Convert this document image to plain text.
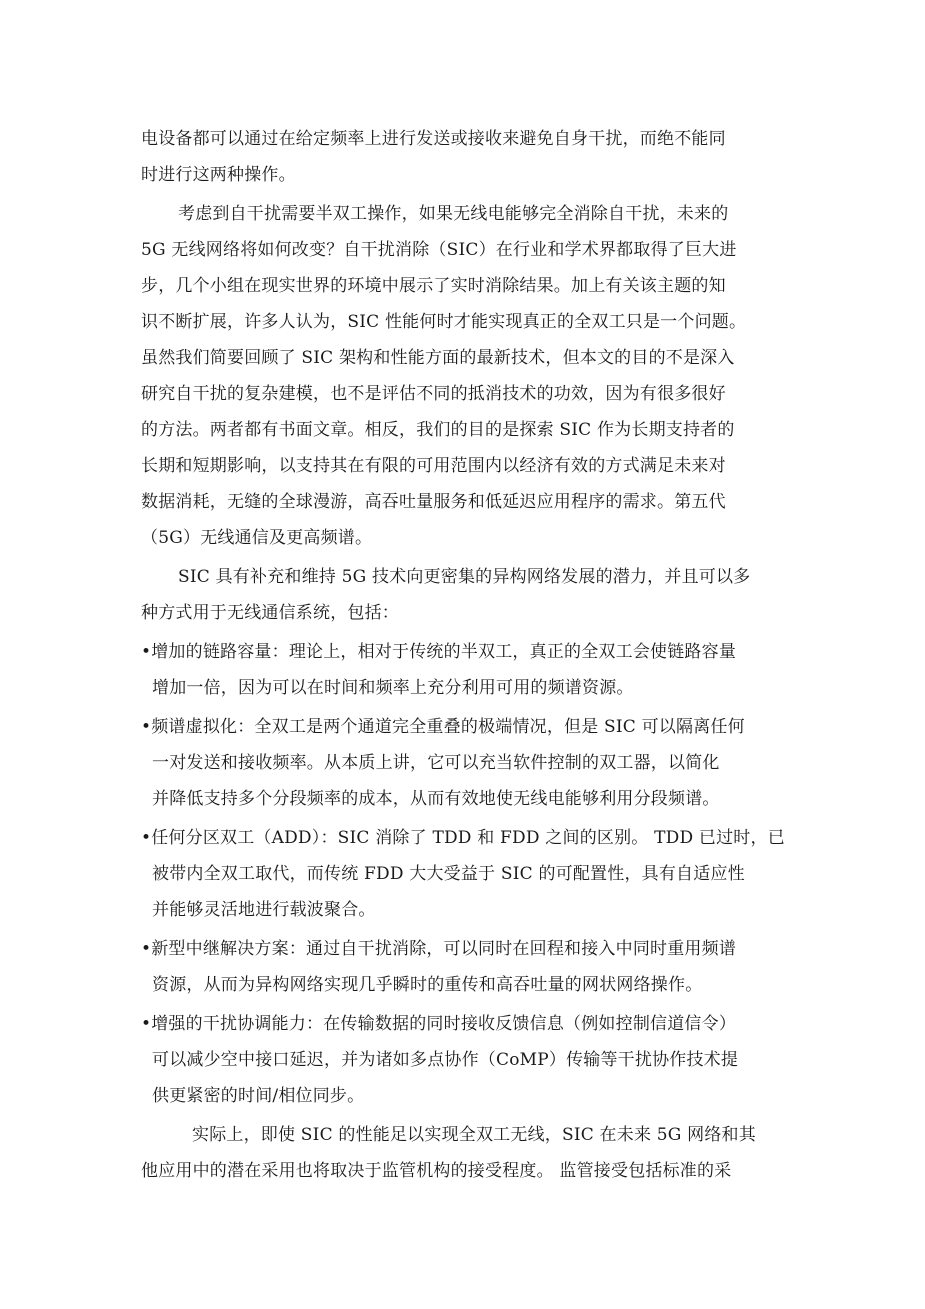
电设备都可以通过在给定频率上进行发送或接收来避免自身干扰，而绝不能同
时进行这两种操作。
考虑到自干扰需要半双工操作，如果无线电能够完全消除自干扰，未来的
5G 无线网络将如何改变？自干扰消除（SIC）在行业和学术界都取得了巨大进
步，几个小组在现实世界的环境中展示了实时消除结果。加上有关该主题的知
识不断扩展，许多人认为，SIC 性能何时才能实现真正的全双工只是一个问题。
虽然我们简要回顾了 SIC 架构和性能方面的最新技术，但本文的目的不是深入
研究自干扰的复杂建模，也不是评估不同的抵消技术的功效，因为有很多很好
的方法。两者都有书面文章。相反，我们的目的是探索 SIC 作为长期支持者的
长期和短期影响，以支持其在有限的可用范围内以经济有效的方式满足未来对
数据消耗，无缝的全球漫游，高吞吐量服务和低延迟应用程序的需求。第五代
（5G）无线通信及更高频谱。
SIC 具有补充和维持 5G 技术向更密集的异构网络发展的潜力，并且可以多
种方式用于无线通信系统，包括：
•增加的链路容量：理论上，相对于传统的半双工，真正的全双工会使链路容量
增加一倍，因为可以在时间和频率上充分利用可用的频谱资源。
•频谱虚拟化：全双工是两个通道完全重叠的极端情况，但是 SIC 可以隔离任何
一对发送和接收频率。从本质上讲，它可以充当软件控制的双工器，以简化
并降低支持多个分段频率的成本，从而有效地使无线电能够利用分段频谱。
•任何分区双工（ADD）：SIC 消除了 TDD 和 FDD 之间的区别。 TDD 已过时，已
被带内全双工取代，而传统 FDD 大大受益于 SIC 的可配置性，具有自适应性
并能够灵活地进行载波聚合。
•新型中继解决方案：通过自干扰消除，可以同时在回程和接入中同时重用频谱
资源，从而为异构网络实现几乎瞬时的重传和高吞吐量的网状网络操作。
•增强的干扰协调能力：在传输数据的同时接收反馈信息（例如控制信道信令）
可以减少空中接口延迟，并为诸如多点协作（CoMP）传输等干扰协作技术提
供更紧密的时间/相位同步。
实际上，即使 SIC 的性能足以实现全双工无线，SIC 在未来 5G 网络和其
他应用中的潜在采用也将取决于监管机构的接受程度。 监管接受包括标准的采
